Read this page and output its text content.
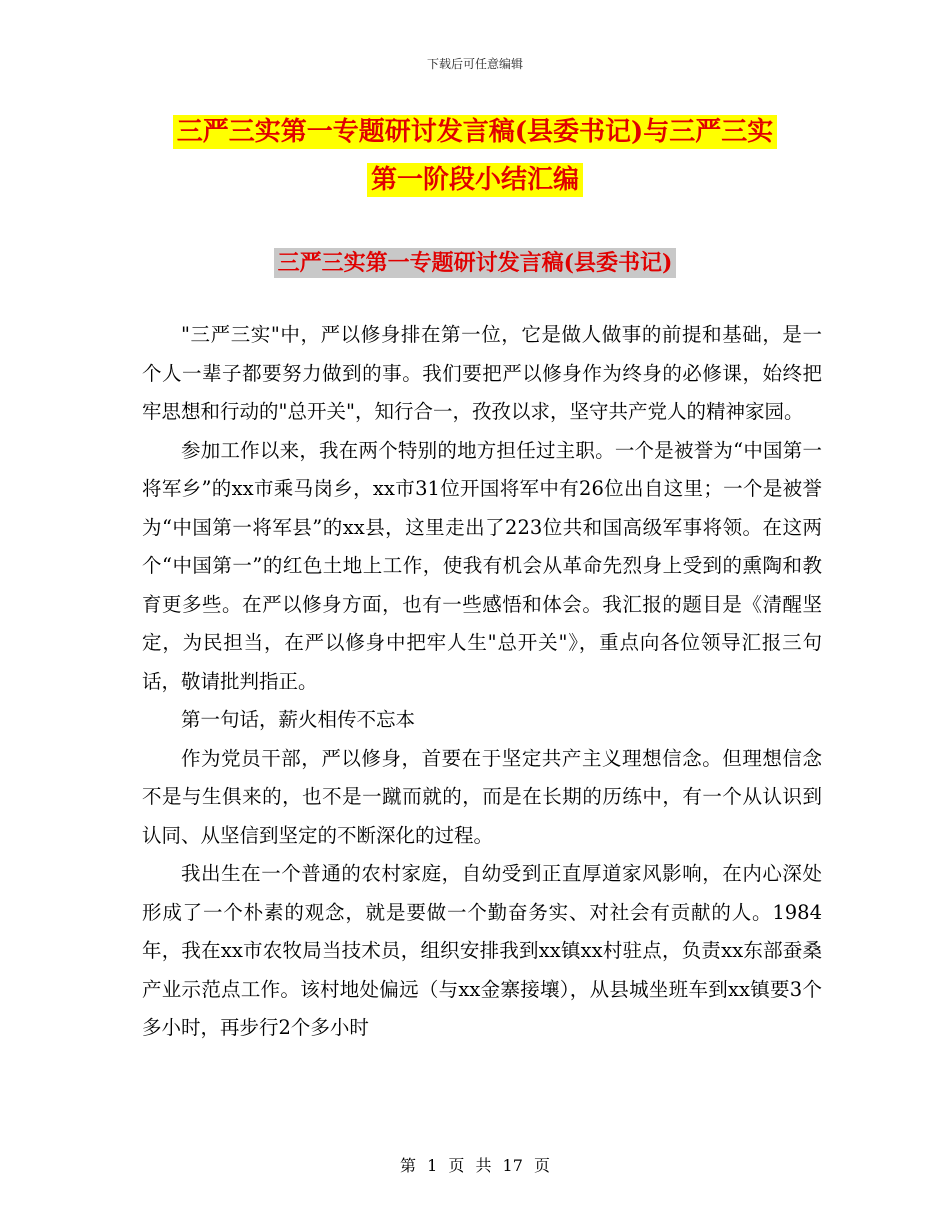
下载后可任意编辑
三严三实第一专题研讨发言稿(县委书记)与三严三实
第一阶段小结汇编
三严三实第一专题研讨发言稿(县委书记)

"三严三实"中，严以修身排在第一位，它是做人做事的前提和基础，是一个人一辈子都要努力做到的事。我们要把严以修身作为终身的必修课，始终把牢思想和行动的"总开关"，知行合一，孜孜以求，坚守共产党人的精神家园。

参加工作以来，我在两个特别的地方担任过主职。一个是被誉为“中国第一将军乡”的xx市乘马岗乡，xx市31位开国将军中有26位出自这里；一个是被誉为“中国第一将军县”的xx县，这里走出了223位共和国高级军事将领。在这两个“中国第一”的红色土地上工作，使我有机会从革命先烈身上受到的熏陶和教育更多些。在严以修身方面，也有一些感悟和体会。我汇报的题目是《清醒坚定，为民担当，在严以修身中把牢人生"总开关"》，重点向各位领导汇报三句话，敬请批判指正。

第一句话，薪火相传不忘本

作为党员干部，严以修身，首要在于坚定共产主义理想信念。但理想信念不是与生俱来的，也不是一蹴而就的，而是在长期的历练中，有一个从认识到认同、从坚信到坚定的不断深化的过程。

我出生在一个普通的农村家庭，自幼受到正直厚道家风影响，在内心深处形成了一个朴素的观念，就是要做一个勤奋务实、对社会有贡献的人。1984年，我在xx市农牧局当技术员，组织安排我到xx镇xx村驻点，负责xx东部蚕桑产业示范点工作。该村地处偏远（与xx金寨接壤），从县城坐班车到xx镇要3个多小时，再步行2个多小时

第 1 页 共 17 页
